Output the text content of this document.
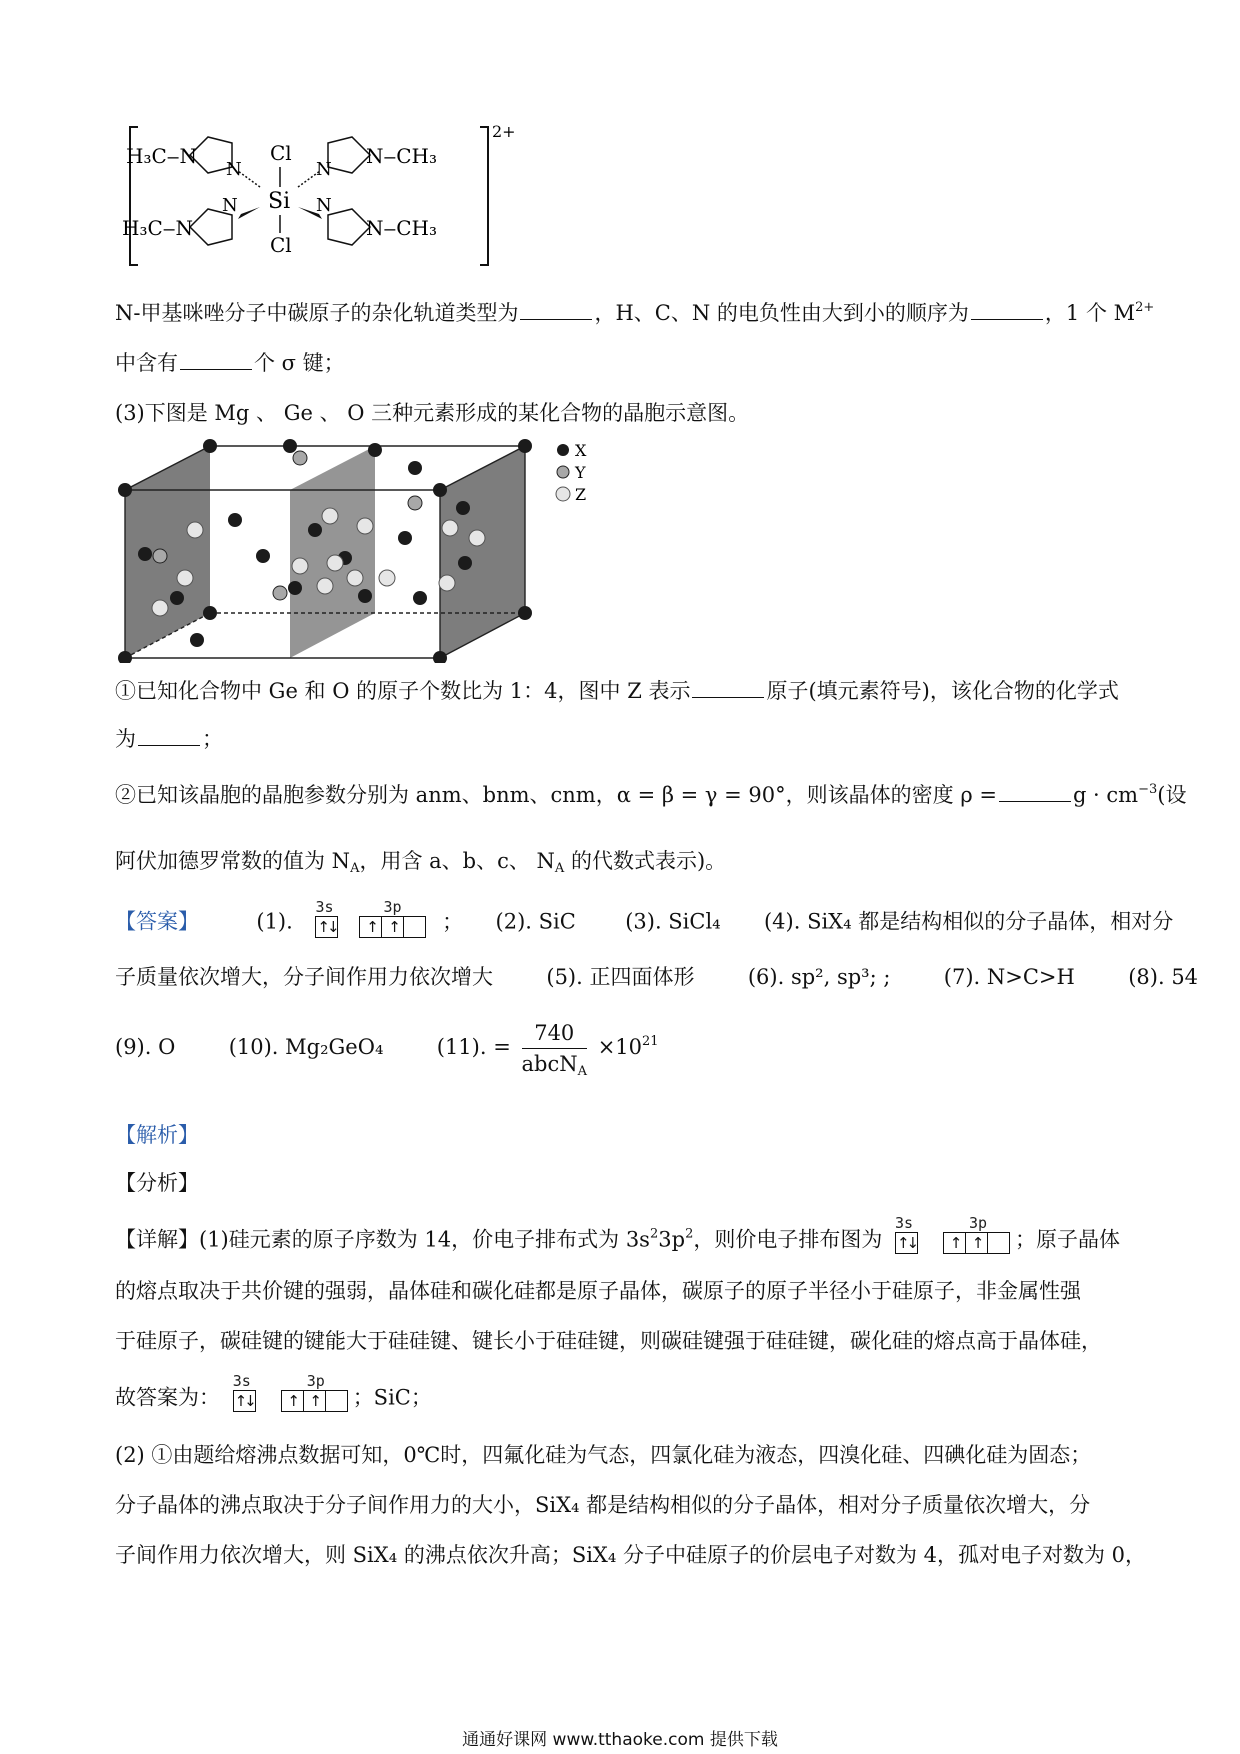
Si
Cl
Cl
H₃C‒N
H₃C‒N
N
N
N
N
N‒CH₃
N‒CH₃
2+
N-甲基咪唑分子中碳原子的杂化轨道类型为	，H、C、N 的电负性由大到小的顺序为	，1 个 $M^{2+}$
中含有	个 σ 键；
(3)下图是 Mg 、 Ge 、 O 三种元素形成的某化合物的晶胞示意图。
X
Y
Z
①已知化合物中 Ge 和 O 的原子个数比为 1：4，图中 Z 表示	原子(填元素符号)，该化合物的化学式
为	；
②已知该晶胞的晶胞参数分别为 anm、bnm、cnm，α = β = γ = 90°，则该晶体的密度 ρ =	$g \cdot cm^{-3}$(设
阿伏加德罗常数的值为 $N_A$，用含 a、b、c、 $N_A$ 的代数式表示)。
【答案】	(1).
3s	3p
↑↓	↑ ↑	； (2). SiC (3). SiCl₄ (4). SiX₄ 都是结构相似的分子晶体，相对分
子质量依次增大，分子间作用力依次增大	(5). 正四面体形	(6). sp², sp³; ;	(7). N>C>H	(8). 54
(9). O	(10). Mg₂GeO₄	(11). = $\frac{740}{abcN_A} \times 10^{21}$
【解析】
【分析】
【详解】(1)硅元素的原子序数为 14，价电子排布式为 $3s^23p^2$，则价电子排布图为
3s	3p
↑↓	↑ ↑	；原子晶体
的熔点取决于共价键的强弱，晶体硅和碳化硅都是原子晶体，碳原子的原子半径小于硅原子，非金属性强
于硅原子，碳硅键的键能大于硅硅键、键长小于硅硅键，则碳硅键强于硅硅键，碳化硅的熔点高于晶体硅，
故答案为：
3s	3p
↑↓	↑ ↑	；SiC；
(2) ①由题给熔沸点数据可知，0℃时，四氟化硅为气态，四氯化硅为液态，四溴化硅、四碘化硅为固态；
分子晶体的沸点取决于分子间作用力的大小，SiX₄ 都是结构相似的分子晶体，相对分子质量依次增大，分
子间作用力依次增大，则 SiX₄ 的沸点依次升高；SiX₄ 分子中硅原子的价层电子对数为 4，孤对电子对数为 0，
通通好课网 www.tthaoke.com 提供下载
